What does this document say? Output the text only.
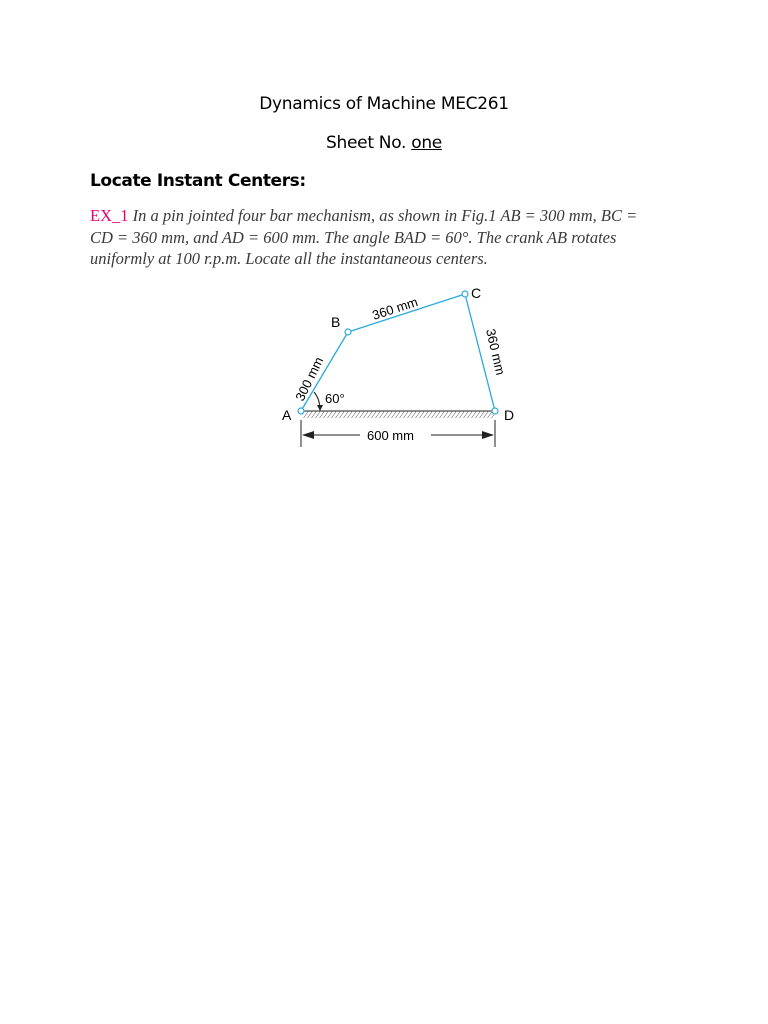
Dynamics of Machine MEC261
Sheet No. one
Locate Instant Centers:
EX_1 In a pin jointed four bar mechanism, as shown in Fig.1 AB = 300 mm, BC =
CD = 360 mm, and AD = 600 mm. The angle BAD = 60°. The crank AB rotates
uniformly at 100 r.p.m. Locate all the instantaneous centers.
A
B
C
D
300 mm
360 mm
360 mm
60°
600 mm
